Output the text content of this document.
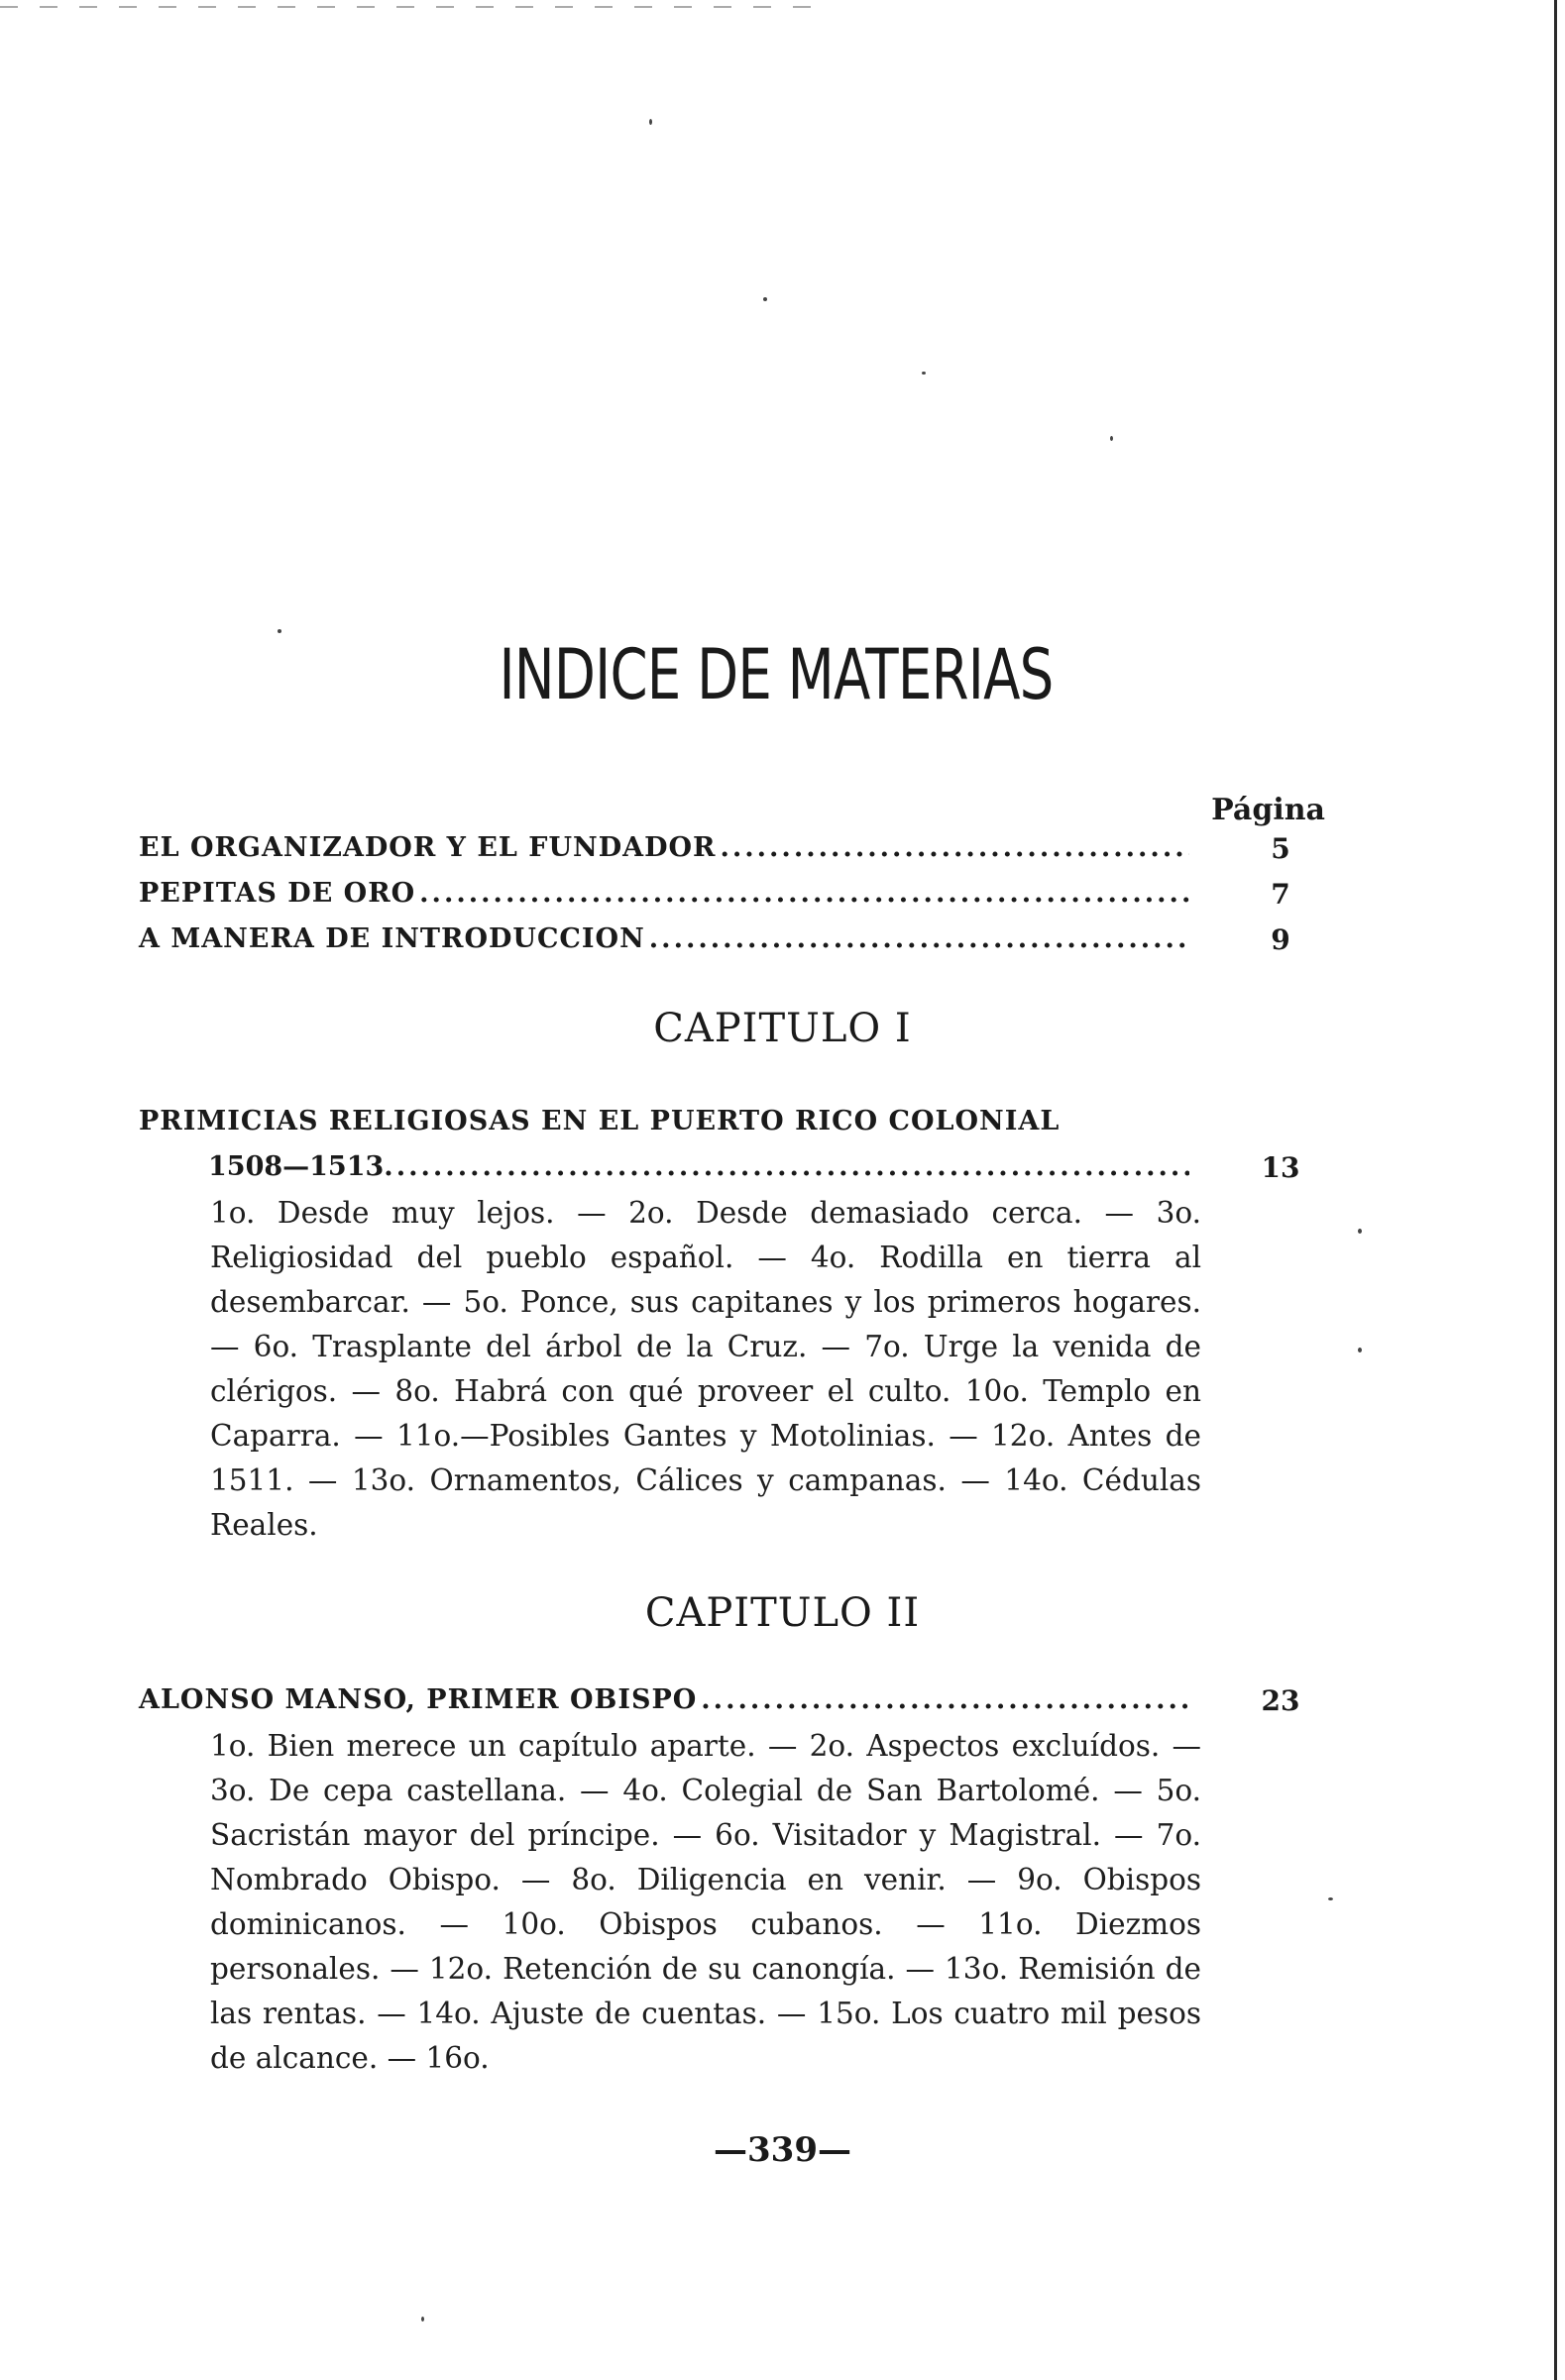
INDICE DE MATERIAS
Página
EL ORGANIZADOR Y EL FUNDADOR .....	5
PEPITAS DE ORO .....	7
A MANERA DE INTRODUCCION .....	9
CAPITULO I
PRIMICIAS RELIGIOSAS EN EL PUERTO RICO COLONIAL
1508—1513 .....	13
1o. Desde muy lejos. — 2o. Desde demasiado cerca. — 3o. Religiosidad del pueblo español. — 4o. Rodilla en tierra al desembarcar. — 5o. Ponce, sus capitanes y los primeros hogares. — 6o. Trasplante del árbol de la Cruz. — 7o. Urge la venida de clérigos. — 8o. Habrá con qué proveer el culto. 10o. Templo en Caparra. — 11o.—Posibles Gantes y Motolinias. — 12o. Antes de 1511. — 13o. Ornamentos, Cálices y campanas. — 14o. Cédulas Reales.
CAPITULO II
ALONSO MANSO, PRIMER OBISPO .....	23
1o. Bien merece un capítulo aparte. — 2o. Aspectos excluídos. — 3o. De cepa castellana. — 4o. Colegial de San Bartolomé. — 5o. Sacristán mayor del príncipe. — 6o. Visitador y Magistral. — 7o. Nombrado Obispo. — 8o. Diligencia en venir. — 9o. Obispos dominicanos. — 10o. Obispos cubanos. — 11o. Diezmos personales. — 12o. Retención de su canongía. — 13o. Remisión de las rentas. — 14o. Ajuste de cuentas. — 15o. Los cuatro mil pesos de alcance. — 16o.
—339—
